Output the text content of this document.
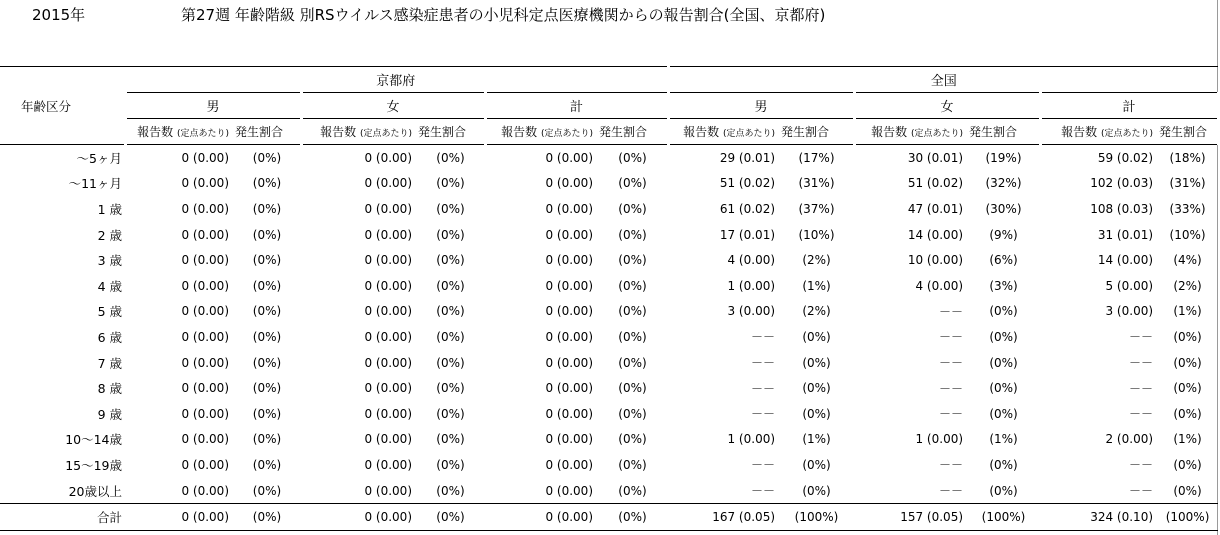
2015年	第27週 年齢階級 別RSウイルス感染症患者の小児科定点医療機関からの報告割合(全国、京都府)
年齢区分	京都府						全国					
	男		女		計		男		女		計	
	報告数 (定点あたり)	発生割合	報告数 (定点あたり)	発生割合	報告数 (定点あたり)	発生割合	報告数 (定点あたり)	発生割合	報告数 (定点あたり)	発生割合	報告数 (定点あたり)	発生割合
～5ヶ月	0 (0.00)	(0%)	0 (0.00)	(0%)	0 (0.00)	(0%)	29 (0.01)	(17%)	30 (0.01)	(19%)	59 (0.02)	(18%)
～11ヶ月	0 (0.00)	(0%)	0 (0.00)	(0%)	0 (0.00)	(0%)	51 (0.02)	(31%)	51 (0.02)	(32%)	102 (0.03)	(31%)
1 歳	0 (0.00)	(0%)	0 (0.00)	(0%)	0 (0.00)	(0%)	61 (0.02)	(37%)	47 (0.01)	(30%)	108 (0.03)	(33%)
2 歳	0 (0.00)	(0%)	0 (0.00)	(0%)	0 (0.00)	(0%)	17 (0.01)	(10%)	14 (0.00)	(9%)	31 (0.01)	(10%)
3 歳	0 (0.00)	(0%)	0 (0.00)	(0%)	0 (0.00)	(0%)	4 (0.00)	(2%)	10 (0.00)	(6%)	14 (0.00)	(4%)
4 歳	0 (0.00)	(0%)	0 (0.00)	(0%)	0 (0.00)	(0%)	1 (0.00)	(1%)	4 (0.00)	(3%)	5 (0.00)	(2%)
5 歳	0 (0.00)	(0%)	0 (0.00)	(0%)	0 (0.00)	(0%)	3 (0.00)	(2%)	－－	(0%)	3 (0.00)	(1%)
6 歳	0 (0.00)	(0%)	0 (0.00)	(0%)	0 (0.00)	(0%)	－－	(0%)	－－	(0%)	－－	(0%)
7 歳	0 (0.00)	(0%)	0 (0.00)	(0%)	0 (0.00)	(0%)	－－	(0%)	－－	(0%)	－－	(0%)
8 歳	0 (0.00)	(0%)	0 (0.00)	(0%)	0 (0.00)	(0%)	－－	(0%)	－－	(0%)	－－	(0%)
9 歳	0 (0.00)	(0%)	0 (0.00)	(0%)	0 (0.00)	(0%)	－－	(0%)	－－	(0%)	－－	(0%)
10～14歳	0 (0.00)	(0%)	0 (0.00)	(0%)	0 (0.00)	(0%)	1 (0.00)	(1%)	1 (0.00)	(1%)	2 (0.00)	(1%)
15～19歳	0 (0.00)	(0%)	0 (0.00)	(0%)	0 (0.00)	(0%)	－－	(0%)	－－	(0%)	－－	(0%)
20歳以上	0 (0.00)	(0%)	0 (0.00)	(0%)	0 (0.00)	(0%)	－－	(0%)	－－	(0%)	－－	(0%)
合計	0 (0.00)	(0%)	0 (0.00)	(0%)	0 (0.00)	(0%)	167 (0.05)	(100%)	157 (0.05)	(100%)	324 (0.10)	(100%)
